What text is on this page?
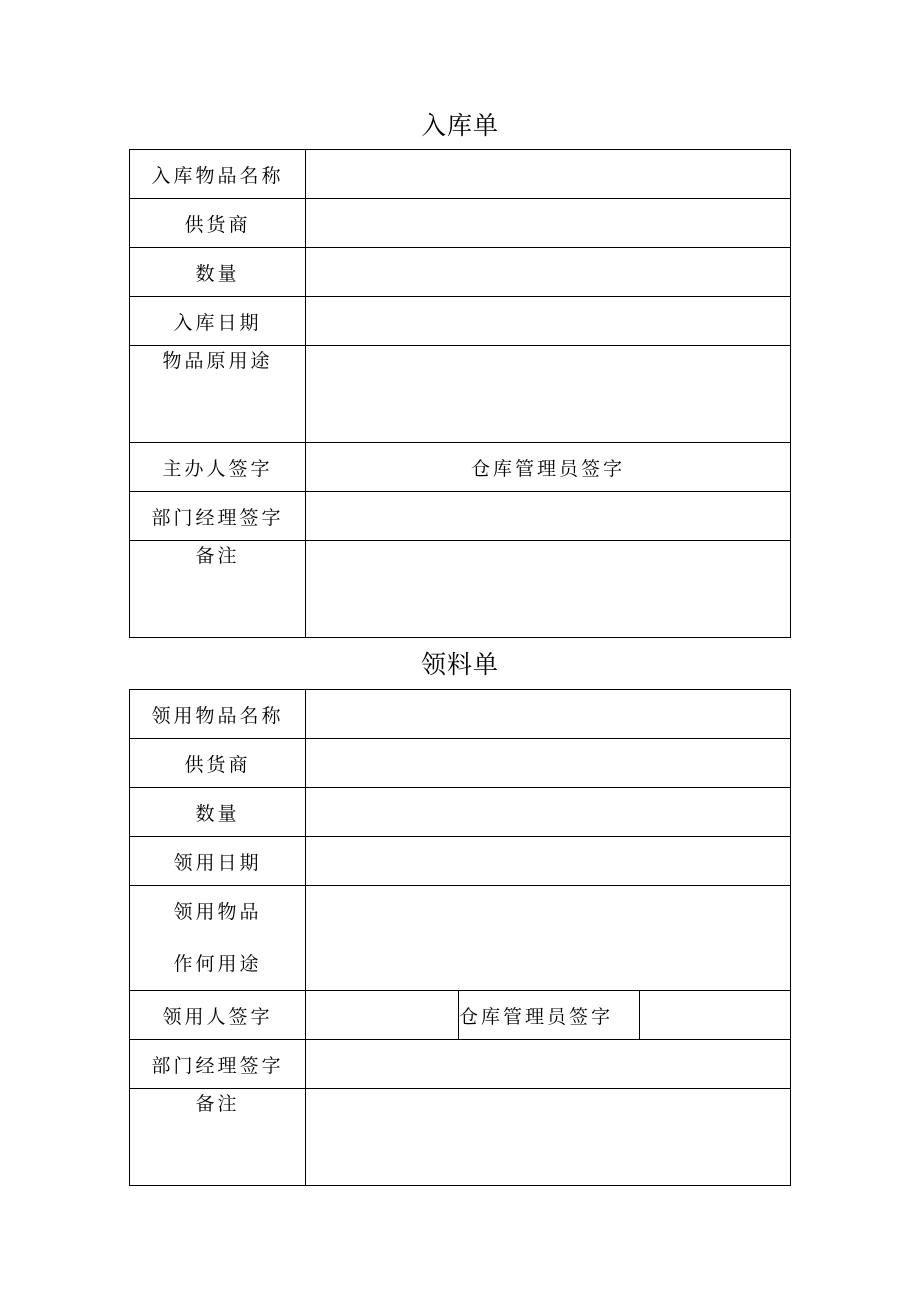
入库单
入库物品名称	
供货商	
数量	
入库日期	
物品原用途	
主办人签字	仓库管理员签字
部门经理签字	
备注	
领料单
领用物品名称			
供货商			
数量			
领用日期			

领用物品
作何用途			

领用人签字		仓库管理员签字	
部门经理签字			
备注			
